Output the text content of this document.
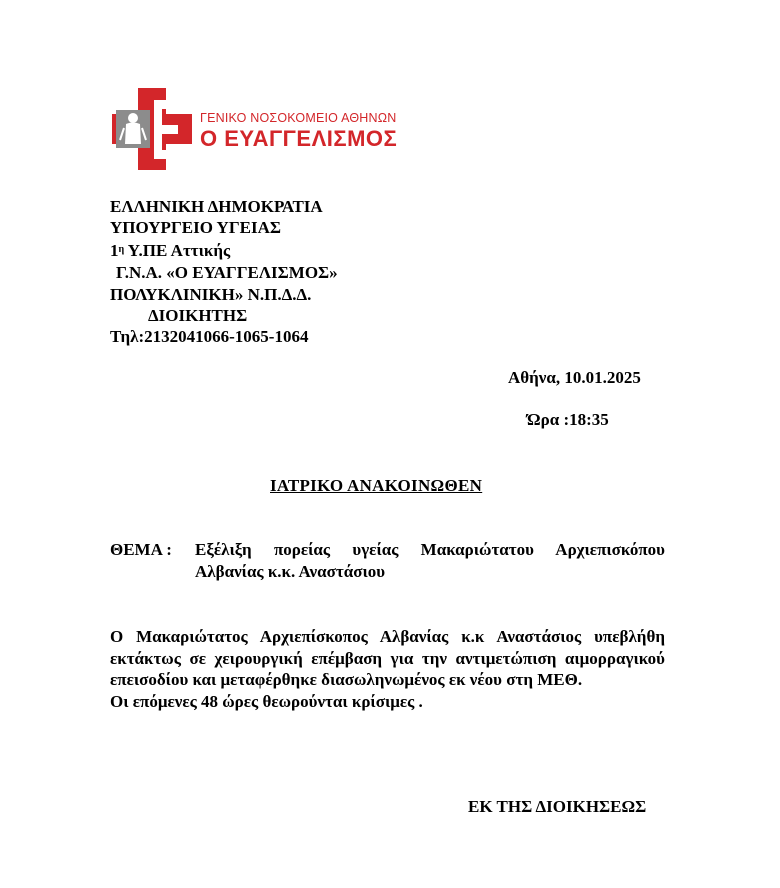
ΓΕΝΙΚΟ ΝΟΣΟΚΟΜΕΙΟ ΑΘΗΝΩΝ
Ο ΕΥΑΓΓΕΛΙΣΜΟΣ
ΕΛΛΗΝΙΚΗ ΔΗΜΟΚΡΑΤΙΑ
ΥΠΟΥΡΓΕΙΟ ΥΓΕΙΑΣ
$1^\eta$ Υ.ΠΕ Αττικής
Γ.Ν.Α. «Ο ΕΥΑΓΓΕΛΙΣΜΟΣ»
ΠΟΛΥΚΛΙΝΙΚΗ» Ν.Π.Δ.Δ.
ΔΙΟΙΚΗΤΗΣ
Τηλ:2132041066-1065-1064
Αθήνα, 10.01.2025
Ώρα :18:35
ΙΑΤΡΙΚΟ ΑΝΑΚΟΙΝΩΘΕΝ
ΘΕΜΑ : Εξέλιξη πορείας υγείας Μακαριώτατου Αρχιεπισκόπου
Αλβανίας κ.κ. Αναστάσιου
Ο Μακαριώτατος Αρχιεπίσκοπος Αλβανίας κ.κ Αναστάσιος υπεβλήθη εκτάκτως σε χειρουργική επέμβαση για την αντιμετώπιση αιμορραγικού επεισοδίου και μεταφέρθηκε διασωληνωμένος εκ νέου στη ΜΕΘ.
Οι επόμενες 48 ώρες θεωρούνται κρίσιμες .
ΕΚ ΤΗΣ ΔΙΟΙΚΗΣΕΩΣ
